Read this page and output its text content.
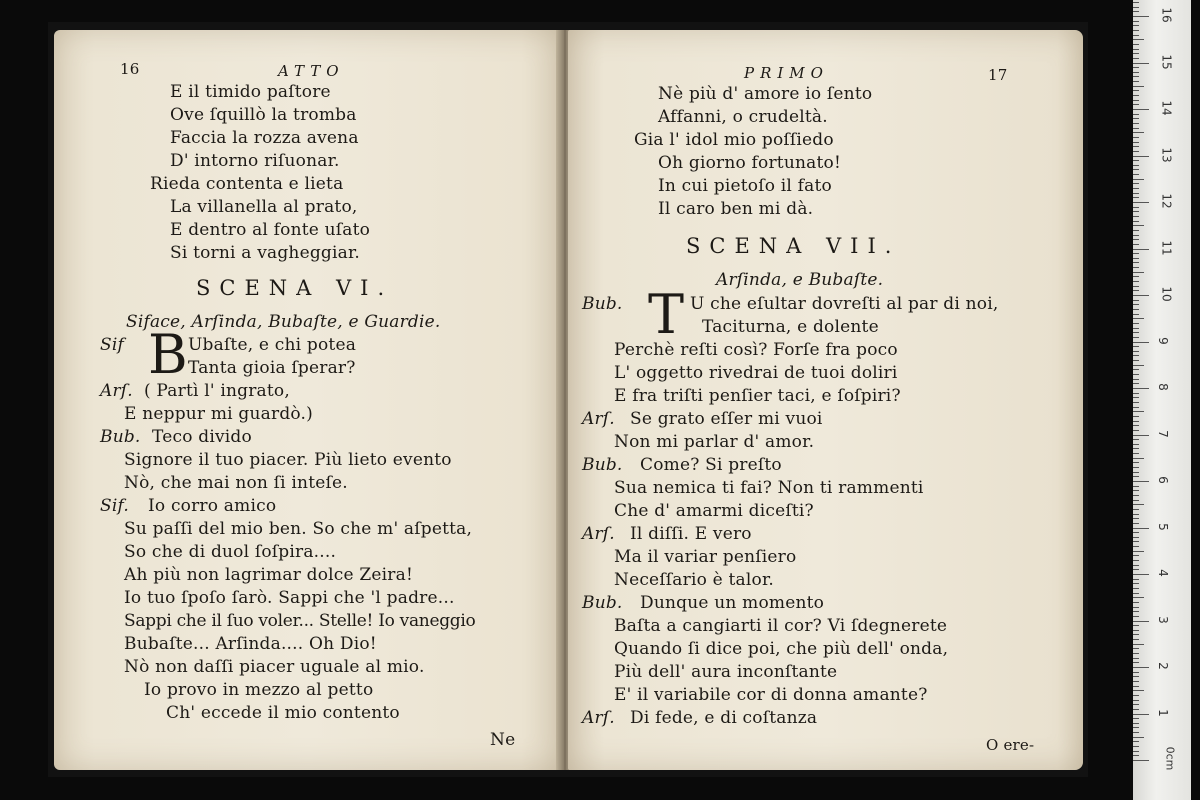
16	ATTO
E il timido paſtore
Ove ſquillò la tromba
Faccia la rozza avena
D' intorno riſuonar.
Rieda contenta e lieta
La villanella al prato,
E dentro al fonte uſato
Si torni a vagheggiar.
SCENA VI.
Siface, Arſinda, Bubaſte, e Guardie.
Sif B Ubaſte, e chi potea
Tanta gioia ſperar?
Arſ. ( Partì l' ingrato,
E neppur mi guardò.)
Bub. Teco divido
Signore il tuo piacer. Più lieto evento
Nò, che mai non ſi inteſe.
Sif. Io corro amico
Su paſſi del mio ben. So che m' aſpetta,
So che di duol ſoſpira....
Ah più non lagrimar dolce Zeira!
Io tuo ſpoſo ſarò. Sappi che 'l padre...
Sappi che il ſuo voler... Stelle! Io vaneggio
Bubaſte... Arſinda.... Oh Dio!
Nò non daſſi piacer uguale al mio.
Io provo in mezzo al petto
Ch' eccede il mio contento
Ne
PRIMO	17
Nè più d' amore io ſento
Affanni, o crudeltà.
Gia l' idol mio poſſiedo
Oh giorno fortunato!
In cui pietoſo il fato
Il caro ben mi dà.
SCENA VII.
Arſinda, e Bubaſte.
Bub. T U che eſultar dovreſti al par di noi,
Taciturna, e dolente
Perchè reſti così? Forſe fra poco
L' oggetto rivedrai de tuoi doliri
E fra triſti penſier taci, e ſoſpiri?
Arſ. Se grato eſſer mi vuoi
Non mi parlar d' amor.
Bub. Come? Si preſto
Sua nemica ti fai? Non ti rammenti
Che d' amarmi diceſti?
Arſ. Il diſſi. E vero
Ma il variar penſiero
Neceſſario è talor.
Bub. Dunque un momento
Baſta a cangiarti il cor? Vi ſdegnerete
Quando ſi dice poi, che più dell' onda,
Più dell' aura inconſtante
E' il variabile cor di donna amante?
Arſ. Di fede, e di coſtanza
O ere-
16
15
14
13
12
11
10
9
8
7
6
5
4
3
2
1
0cm
